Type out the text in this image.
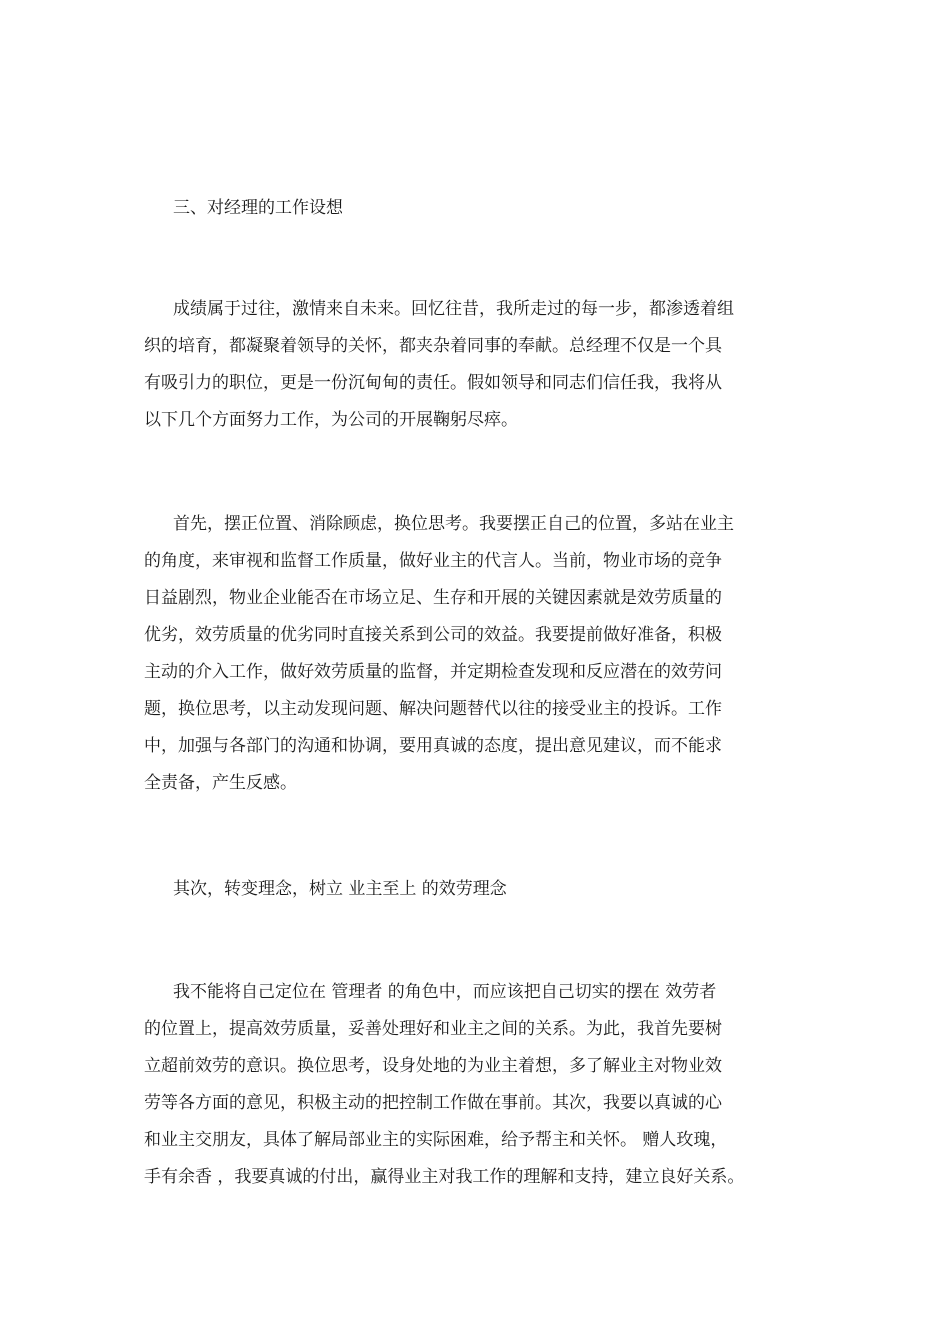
三、对经理的工作设想
成绩属于过往，激情来自未来。回忆往昔，我所走过的每一步，都渗透着组
织的培育，都凝聚着领导的关怀，都夹杂着同事的奉献。总经理不仅是一个具
有吸引力的职位，更是一份沉甸甸的责任。假如领导和同志们信任我，我将从
以下几个方面努力工作，为公司的开展鞠躬尽瘁。
首先，摆正位置、消除顾虑，换位思考。我要摆正自己的位置，多站在业主
的角度，来审视和监督工作质量，做好业主的代言人。当前，物业市场的竞争
日益剧烈，物业企业能否在市场立足、生存和开展的关键因素就是效劳质量的
优劣，效劳质量的优劣同时直接关系到公司的效益。我要提前做好准备，积极
主动的介入工作，做好效劳质量的监督，并定期检查发现和反应潜在的效劳问
题，换位思考，以主动发现问题、解决问题替代以往的接受业主的投诉。工作
中，加强与各部门的沟通和协调，要用真诚的态度，提出意见建议，而不能求
全责备，产生反感。
其次，转变理念，树立 业主至上 的效劳理念
我不能将自己定位在 管理者 的角色中，而应该把自己切实的摆在 效劳者
的位置上，提高效劳质量，妥善处理好和业主之间的关系。为此，我首先要树
立超前效劳的意识。换位思考，设身处地的为业主着想，多了解业主对物业效
劳等各方面的意见，积极主动的把控制工作做在事前。其次，我要以真诚的心
和业主交朋友，具体了解局部业主的实际困难，给予帮主和关怀。 赠人玫瑰，
手有余香 ，我要真诚的付出，赢得业主对我工作的理解和支持，建立良好关系。
